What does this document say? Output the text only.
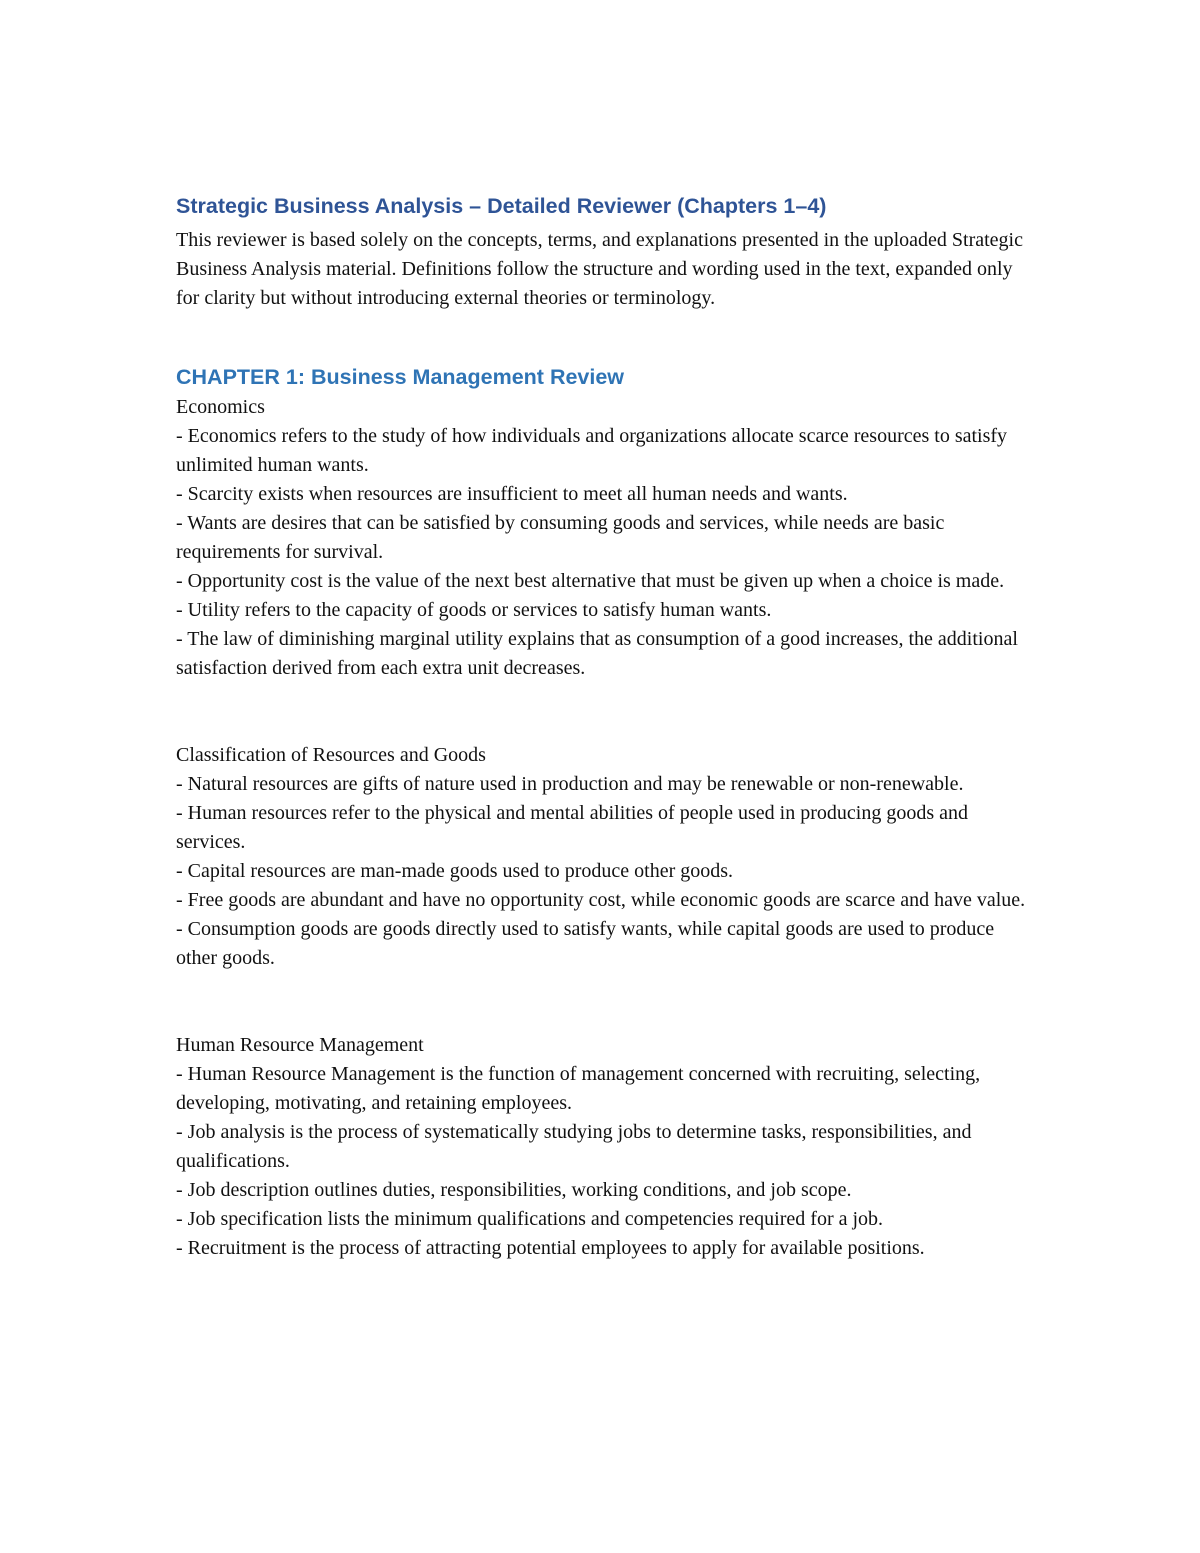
Strategic Business Analysis – Detailed Reviewer (Chapters 1–4)

This reviewer is based solely on the concepts, terms, and explanations presented in the uploaded Strategic Business Analysis material. Definitions follow the structure and wording used in the text, expanded only for clarity but without introducing external theories or terminology.

CHAPTER 1: Business Management Review
Economics
- Economics refers to the study of how individuals and organizations allocate scarce resources to satisfy unlimited human wants.
- Scarcity exists when resources are insufficient to meet all human needs and wants.
- Wants are desires that can be satisfied by consuming goods and services, while needs are basic requirements for survival.
- Opportunity cost is the value of the next best alternative that must be given up when a choice is made.
- Utility refers to the capacity of goods or services to satisfy human wants.
- The law of diminishing marginal utility explains that as consumption of a good increases, the additional satisfaction derived from each extra unit decreases.
Classification of Resources and Goods
- Natural resources are gifts of nature used in production and may be renewable or non-renewable.
- Human resources refer to the physical and mental abilities of people used in producing goods and services.
- Capital resources are man-made goods used to produce other goods.
- Free goods are abundant and have no opportunity cost, while economic goods are scarce and have value.
- Consumption goods are goods directly used to satisfy wants, while capital goods are used to produce other goods.
Human Resource Management
- Human Resource Management is the function of management concerned with recruiting, selecting, developing, motivating, and retaining employees.
- Job analysis is the process of systematically studying jobs to determine tasks, responsibilities, and qualifications.
- Job description outlines duties, responsibilities, working conditions, and job scope.
- Job specification lists the minimum qualifications and competencies required for a job.
- Recruitment is the process of attracting potential employees to apply for available positions.
